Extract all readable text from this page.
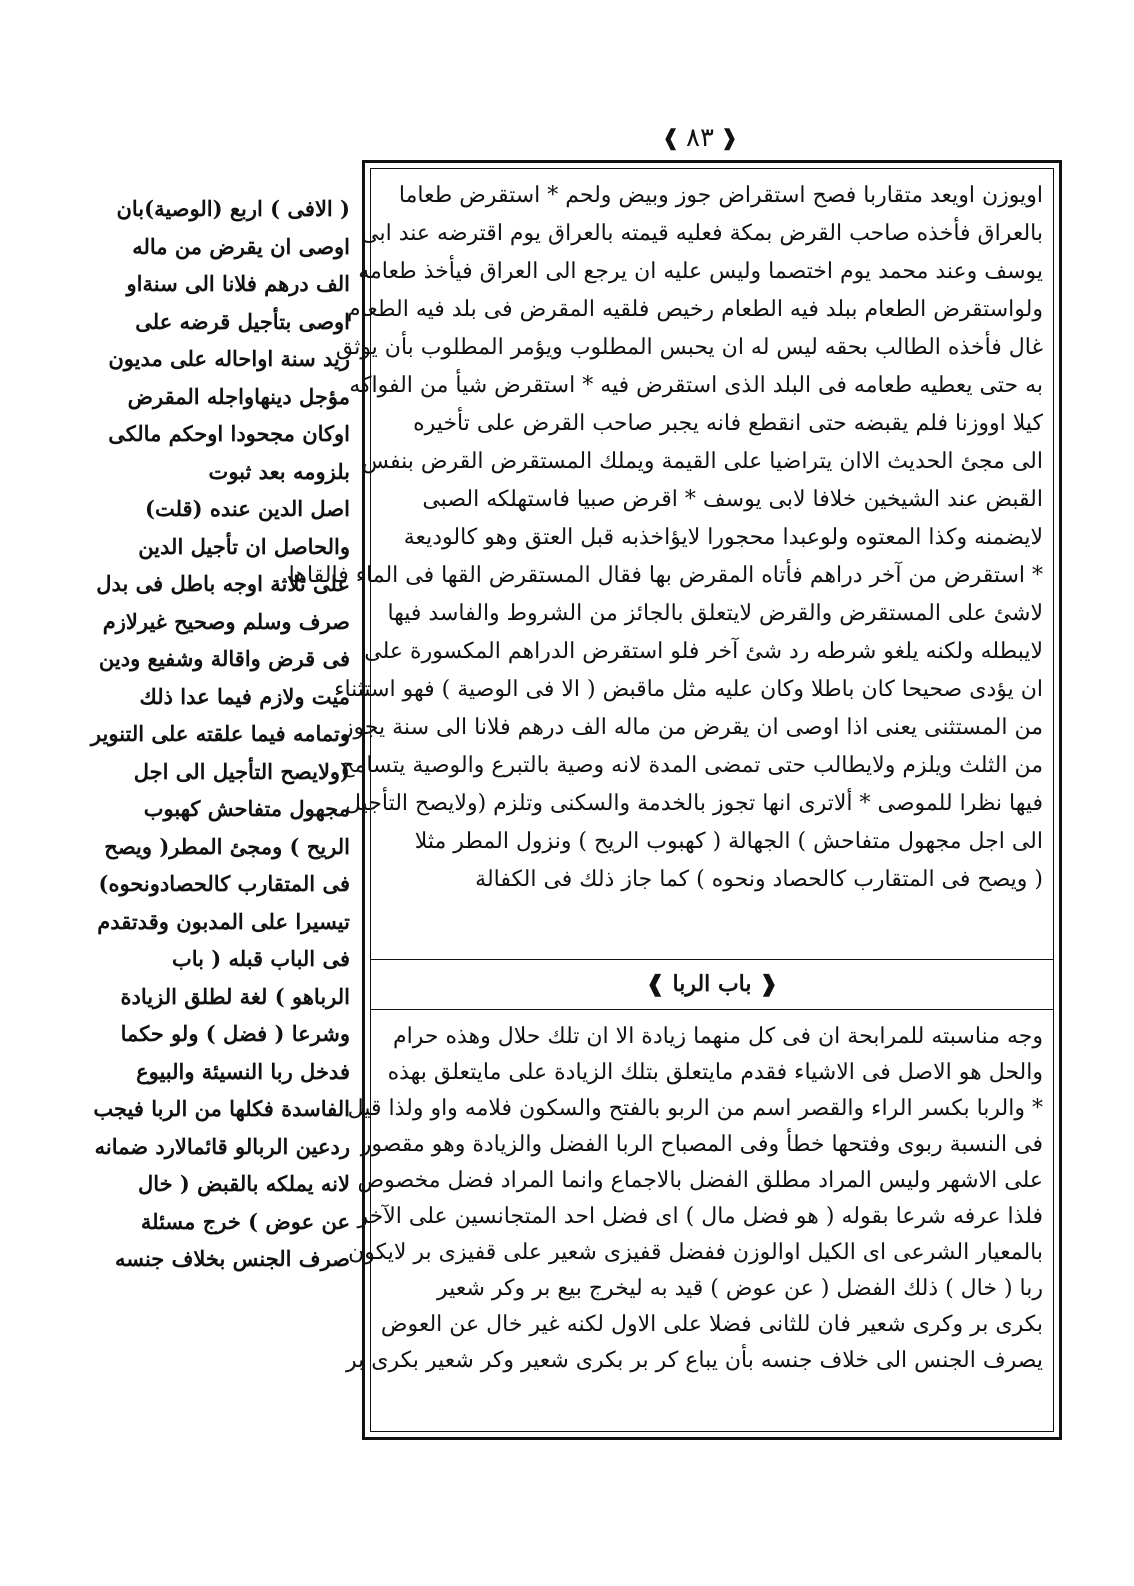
❰
٨٣
❱
( الافى ) اربع (الوصية)بان
اوصى ان يقرض من ماله
الف درهم فلانا الى سنةاو
اوصى بتأجيل قرضه على
زيد سنة اواحاله على مديون
مؤجل دينهاواجله المقرض
اوكان مجحودا اوحكم مالكى
بلزومه بعد ثبوت
اصل الدين عنده (قلت)
والحاصل ان تأجيل الدين
على ثلاثة اوجه باطل فى بدل
صرف وسلم وصحيح غيرلازم
فى قرض واقالة وشفيع ودين
ميت ولازم فيما عدا ذلك
وتمامه فيما علقته على التنوير
(ولايصح التأجيل الى اجل
مجهول متفاحش كهبوب
الريح ) ومجئ المطر( ويصح
فى المتقارب كالحصادونحوه)
تيسيرا على المدبون وقدتقدم
فى الباب قبله ( باب
الرباهو ) لغة لطلق الزيادة
وشرعا ( فضل ) ولو حكما
فدخل ربا النسيئة والبيوع
الفاسدة فكلها من الربا فيجب
ردعين الربالو قائمالارد ضمانه
لانه يملكه بالقبض ( خال
عن عوض ) خرج مسئلة
صرف الجنس بخلاف جنسه
اويوزن اويعد متقاربا فصح استقراض جوز وبيض ولحم * استقرض طعاما
بالعراق فأخذه صاحب القرض بمكة فعليه قيمته بالعراق يوم اقترضه عند ابى
يوسف وعند محمد يوم اختصما وليس عليه ان يرجع الى العراق فيأخذ طعامه
ولواستقرض الطعام ببلد فيه الطعام رخيص فلقيه المقرض فى بلد فيه الطعام
غال فأخذه الطالب بحقه ليس له ان يحبس المطلوب ويؤمر المطلوب بأن يوثق
به حتى يعطيه طعامه فى البلد الذى استقرض فيه * استقرض شيأ من الفواكه
كيلا اووزنا فلم يقبضه حتى انقطع فانه يجبر صاحب القرض على تأخيره
الى مجئ الحديث الاان يتراضيا على القيمة ويملك المستقرض القرض بنفس
القبض عند الشيخين خلافا لابى يوسف * اقرض صبيا فاستهلكه الصبى
لايضمنه وكذا المعتوه ولوعبدا محجورا لايؤاخذبه قبل العتق وهو كالوديعة
* استقرض من آخر دراهم فأتاه المقرض بها فقال المستقرض القها فى الماء فالقاها
لاشئ على المستقرض والقرض لايتعلق بالجائز من الشروط والفاسد فيها
لايبطله ولكنه يلغو شرطه رد شئ آخر فلو استقرض الدراهم المكسورة على
ان يؤدى صحيحا كان باطلا وكان عليه مثل ماقبض ( الا فى الوصية ) فهو استثناء
من المستثنى يعنى اذا اوصى ان يقرض من ماله الف درهم فلانا الى سنة يجوز
من الثلث ويلزم ولايطالب حتى تمضى المدة لانه وصية بالتبرع والوصية يتسامح
فيها نظرا للموصى * ألاترى انها تجوز بالخدمة والسكنى وتلزم (ولايصح التأجيل
الى اجل مجهول متفاحش ) الجهالة ( كهبوب الريح ) ونزول المطر مثلا
( ويصح فى المتقارب كالحصاد ونحوه ) كما جاز ذلك فى الكفالة
❰
باب الربا
❱
وجه مناسبته للمرابحة ان فى كل منهما زيادة الا ان تلك حلال وهذه حرام
والحل هو الاصل فى الاشياء فقدم مايتعلق بتلك الزيادة على مايتعلق بهذه
* والربا بكسر الراء والقصر اسم من الربو بالفتح والسكون فلامه واو ولذا قيل
فى النسبة ربوى وفتحها خطأ وفى المصباح الربا الفضل والزيادة وهو مقصور
على الاشهر وليس المراد مطلق الفضل بالاجماع وانما المراد فضل مخصوص
فلذا عرفه شرعا بقوله ( هو فضل مال ) اى فضل احد المتجانسين على الآخر
بالمعيار الشرعى اى الكيل اوالوزن ففضل قفيزى شعير على قفيزى بر لايكون
ربا ( خال ) ذلك الفضل ( عن عوض ) قيد به ليخرج بيع بر وكر شعير
بكرى بر وكرى شعير فان للثانى فضلا على الاول لكنه غير خال عن العوض
يصرف الجنس الى خلاف جنسه بأن يباع كر بر بكرى شعير وكر شعير بكرى بر
